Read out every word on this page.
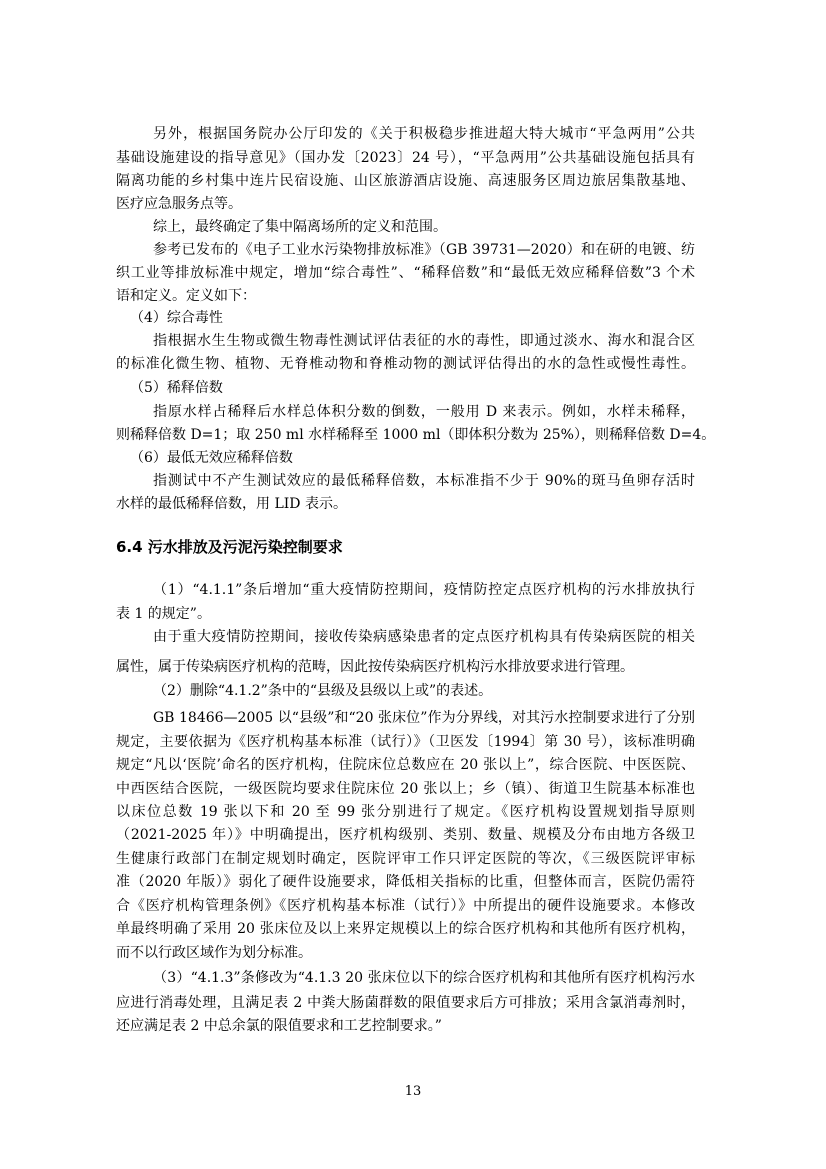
另外，根据国务院办公厅印发的《关于积极稳步推进超大特大城市“平急两用”公共
基础设施建设的指导意见》（国办发〔2023〕24 号），“平急两用”公共基础设施包括具有
隔离功能的乡村集中连片民宿设施、山区旅游酒店设施、高速服务区周边旅居集散基地、
医疗应急服务点等。
综上，最终确定了集中隔离场所的定义和范围。
参考已发布的《电子工业水污染物排放标准》（GB 39731—2020）和在研的电镀、纺
织工业等排放标准中规定，增加“综合毒性”、“稀释倍数”和“最低无效应稀释倍数”3 个术
语和定义。定义如下：
（4）综合毒性
指根据水生生物或微生物毒性测试评估表征的水的毒性，即通过淡水、海水和混合区
的标准化微生物、植物、无脊椎动物和脊椎动物的测试评估得出的水的急性或慢性毒性。
（5）稀释倍数
指原水样占稀释后水样总体积分数的倒数，一般用 D 来表示。例如，水样未稀释，
则稀释倍数 D=1；取 250 ml 水样稀释至 1000 ml（即体积分数为 25%），则稀释倍数 D=4。
（6）最低无效应稀释倍数
指测试中不产生测试效应的最低稀释倍数，本标准指不少于 90%的斑马鱼卵存活时
水样的最低稀释倍数，用 LID 表示。
6.4 污水排放及污泥污染控制要求
（1）“4.1.1”条后增加“重大疫情防控期间，疫情防控定点医疗机构的污水排放执行
表 1 的规定”。
由于重大疫情防控期间，接收传染病感染患者的定点医疗机构具有传染病医院的相关
属性，属于传染病医疗机构的范畴，因此按传染病医疗机构污水排放要求进行管理。
（2）删除“4.1.2”条中的“县级及县级以上或”的表述。
GB 18466—2005 以“县级”和“20 张床位”作为分界线，对其污水控制要求进行了分别
规定，主要依据为《医疗机构基本标准（试行）》（卫医发〔1994〕第 30 号），该标准明确
规定“凡以‘医院’命名的医疗机构，住院床位总数应在 20 张以上”，综合医院、中医医院、
中西医结合医院，一级医院均要求住院床位 20 张以上；乡（镇）、街道卫生院基本标准也
以床位总数 19 张以下和 20 至 99 张分别进行了规定。《医疗机构设置规划指导原则
（2021-2025 年）》中明确提出，医疗机构级别、类别、数量、规模及分布由地方各级卫
生健康行政部门在制定规划时确定，医院评审工作只评定医院的等次，《三级医院评审标
准（2020 年版）》弱化了硬件设施要求，降低相关指标的比重，但整体而言，医院仍需符
合《医疗机构管理条例》《医疗机构基本标准（试行）》中所提出的硬件设施要求。本修改
单最终明确了采用 20 张床位及以上来界定规模以上的综合医疗机构和其他所有医疗机构，
而不以行政区域作为划分标准。
（3）“4.1.3”条修改为“4.1.3 20 张床位以下的综合医疗机构和其他所有医疗机构污水
应进行消毒处理，且满足表 2 中粪大肠菌群数的限值要求后方可排放；采用含氯消毒剂时，
还应满足表 2 中总余氯的限值要求和工艺控制要求。”
13
